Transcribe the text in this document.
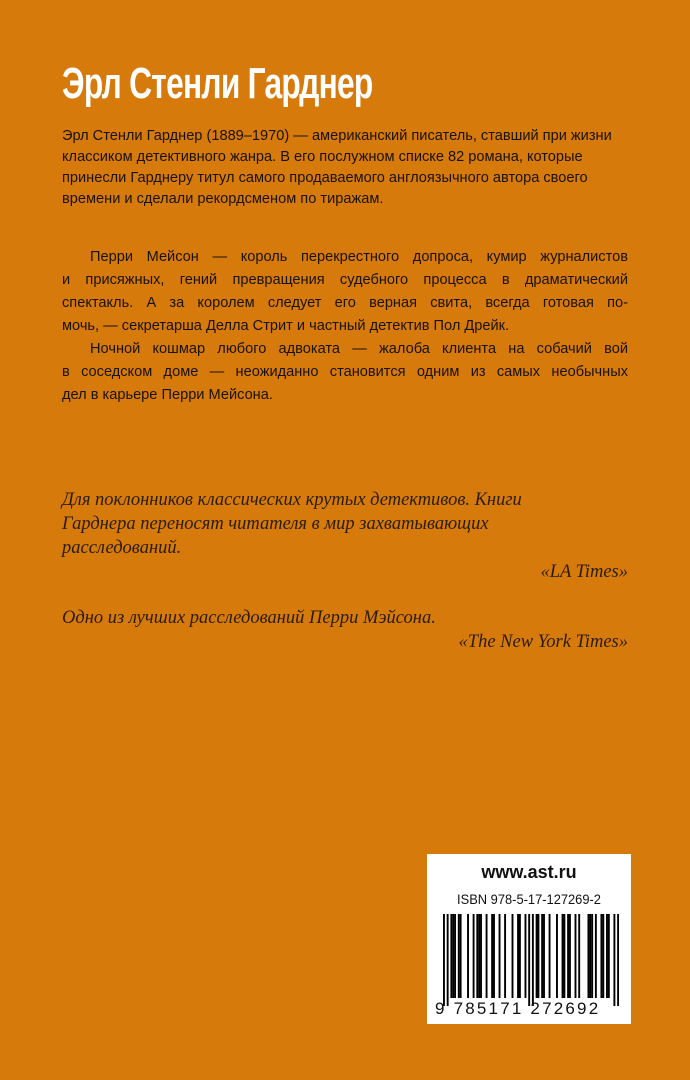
Эрл Стенли Гарднер
Эрл Стенли Гарднер (1889–1970) — американский писатель, ставший при жизни
классиком детективного жанра. В его послужном списке 82 романа, которые
принесли Гарднеру титул самого продаваемого англоязычного автора своего
времени и сделали рекордсменом по тиражам.
Перри Мейсон — король перекрестного допроса, кумир журналистов
и присяжных, гений превращения судебного процесса в драматический
спектакль. А за королем следует его верная свита, всегда готовая по-
мочь, — секретарша Делла Стрит и частный детектив Пол Дрейк.
Ночной кошмар любого адвоката — жалоба клиента на собачий вой
в соседском доме — неожиданно становится одним из самых необычных
дел в карьере Перри Мейсона.
Для поклонников классических крутых детективов. Книги
Гарднера переносят читателя в мир захватывающих
расследований.
«LA Times»
Одно из лучших расследований Перри Мэйсона.
«The New York Times»
www.ast.ru
ISBN 978-5-17-127269-2
9 785171 272692
